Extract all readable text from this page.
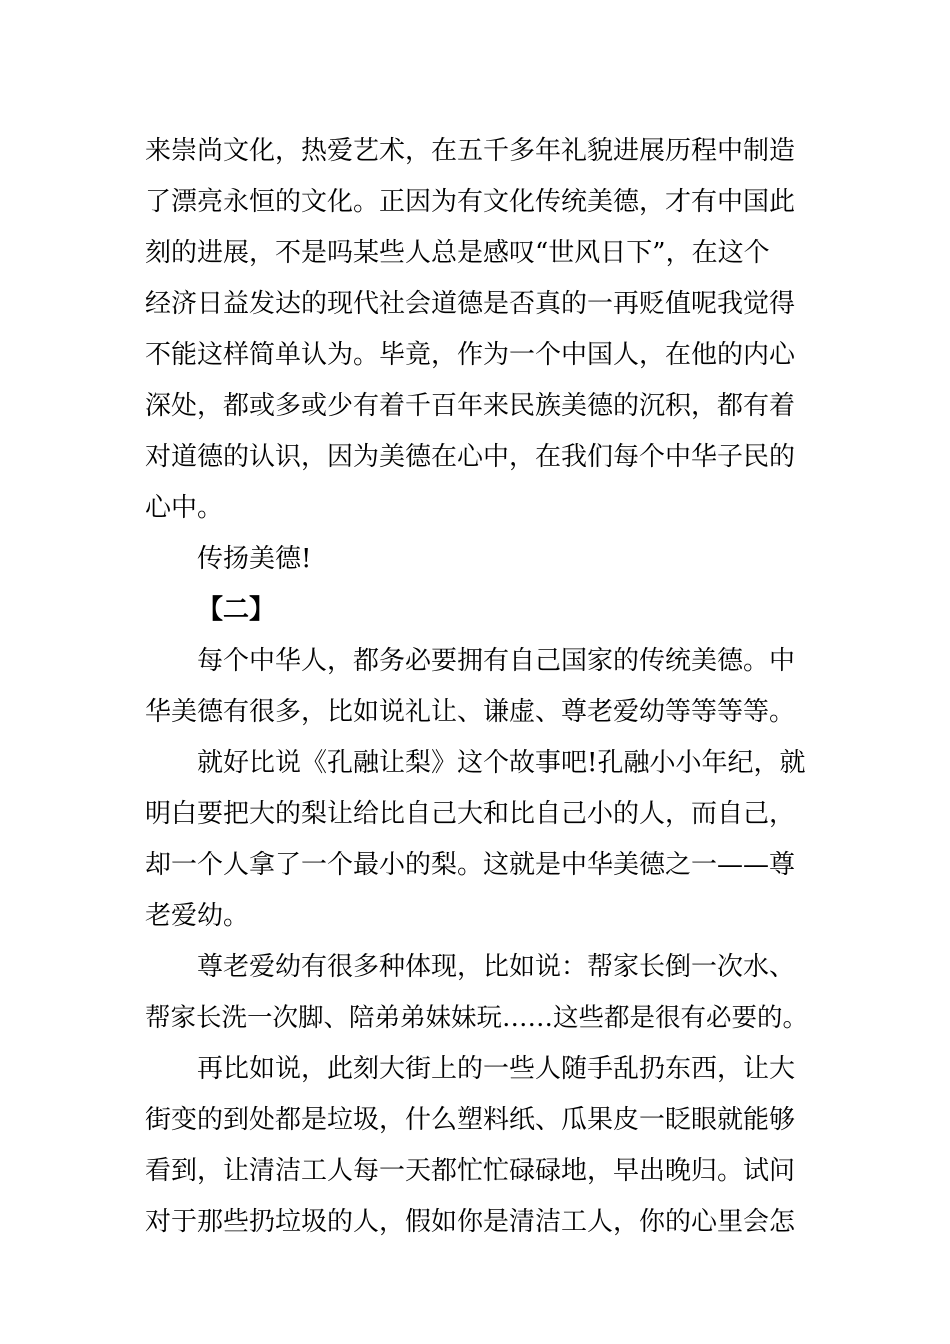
来崇尚文化，热爱艺术，在五千多年礼貌进展历程中制造
了漂亮永恒的文化。正因为有文化传统美德，才有中国此
刻的进展，不是吗某些人总是感叹“世风日下”，在这个
经济日益发达的现代社会道德是否真的一再贬值呢我觉得
不能这样简单认为。毕竟，作为一个中国人，在他的内心
深处，都或多或少有着千百年来民族美德的沉积，都有着
对道德的认识，因为美德在心中，在我们每个中华子民的
心中。
传扬美德!
【二】
每个中华人，都务必要拥有自己国家的传统美德。中
华美德有很多，比如说礼让、谦虚、尊老爱幼等等等等。
就好比说《孔融让梨》这个故事吧!孔融小小年纪，就
明白要把大的梨让给比自己大和比自己小的人，而自己，
却一个人拿了一个最小的梨。这就是中华美德之一——尊
老爱幼。
尊老爱幼有很多种体现，比如说：帮家长倒一次水、
帮家长洗一次脚、陪弟弟妹妹玩……这些都是很有必要的。
再比如说，此刻大街上的一些人随手乱扔东西，让大
街变的到处都是垃圾，什么塑料纸、瓜果皮一眨眼就能够
看到，让清洁工人每一天都忙忙碌碌地，早出晚归。试问
对于那些扔垃圾的人，假如你是清洁工人，你的心里会怎
